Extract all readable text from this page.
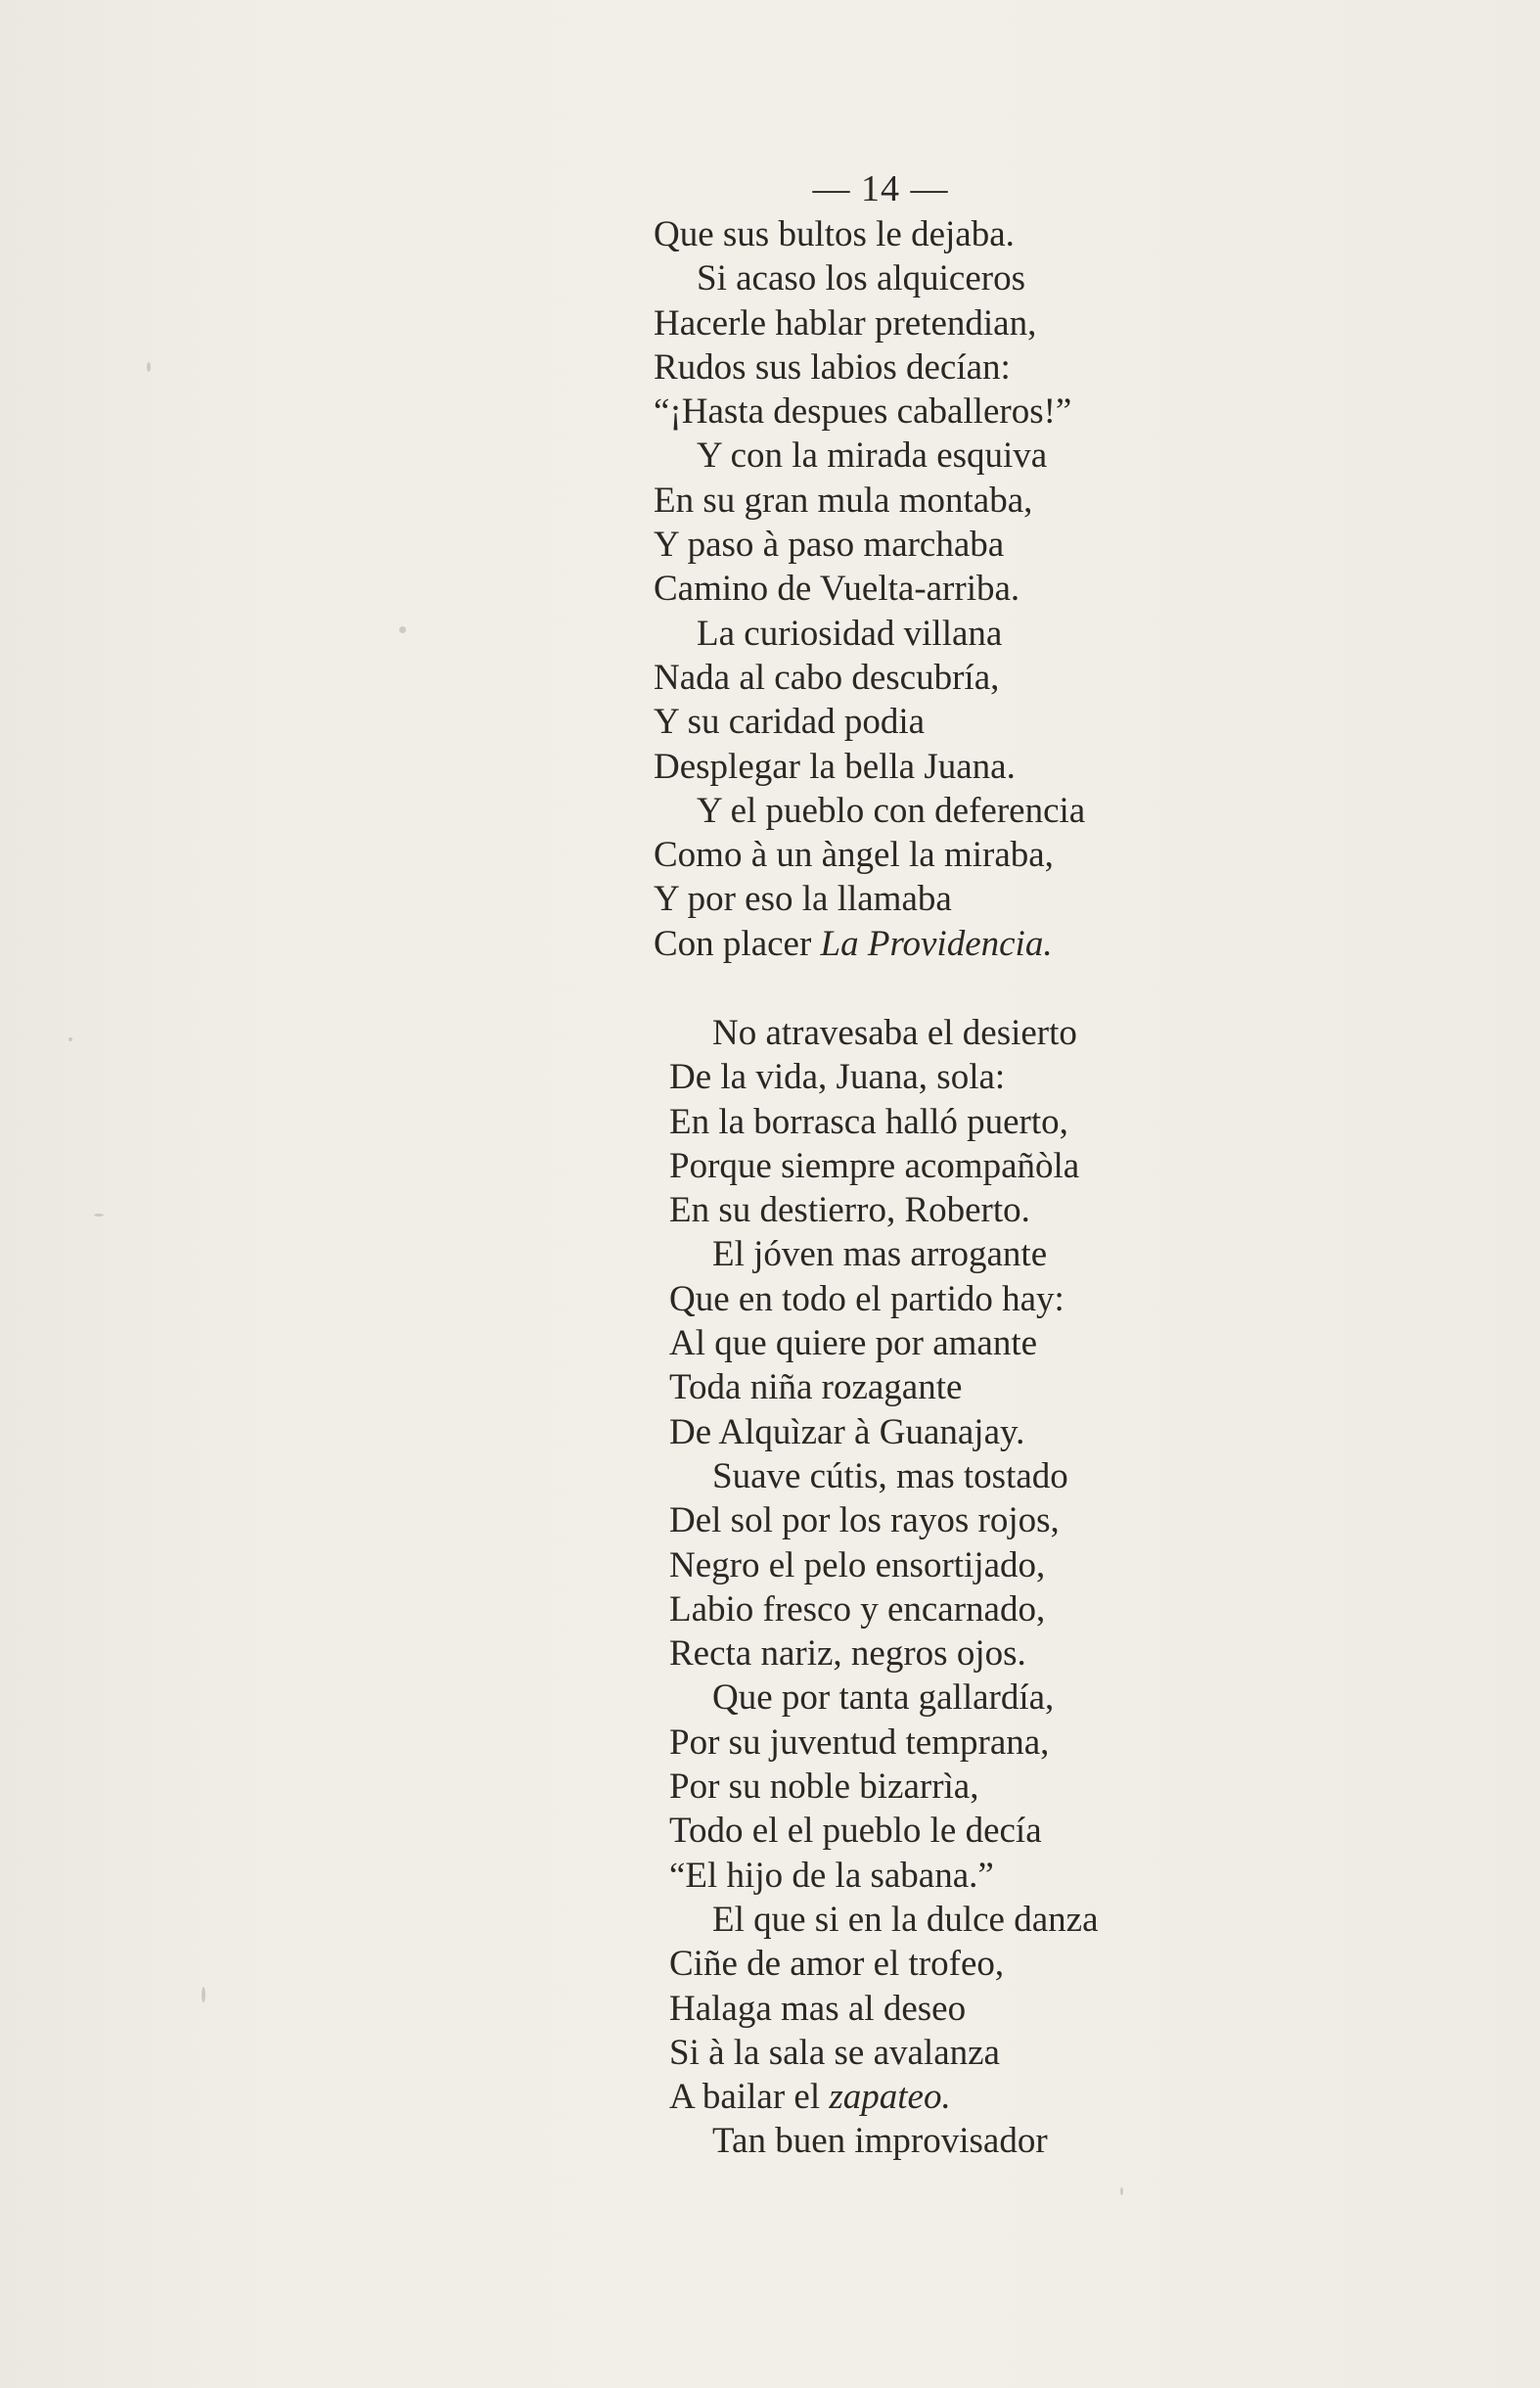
— 14 —
Que sus bultos le dejaba.
Si acaso los alquiceros
Hacerle hablar pretendian,
Rudos sus labios decían:
“¡Hasta despues caballeros!”
Y con la mirada esquiva
En su gran mula montaba,
Y paso à paso marchaba
Camino de Vuelta-arriba.
La curiosidad villana
Nada al cabo descubría,
Y su caridad podia
Desplegar la bella Juana.
Y el pueblo con deferencia
Como à un àngel la miraba,
Y por eso la llamaba
Con placer La Providencia.
No atravesaba el desierto
De la vida, Juana, sola:
En la borrasca halló puerto,
Porque siempre acompañòla
En su destierro, Roberto.
El jóven mas arrogante
Que en todo el partido hay:
Al que quiere por amante
Toda niña rozagante
De Alquìzar à Guanajay.
Suave cútis, mas tostado
Del sol por los rayos rojos,
Negro el pelo ensortijado,
Labio fresco y encarnado,
Recta nariz, negros ojos.
Que por tanta gallardía,
Por su juventud temprana,
Por su noble bizarrìa,
Todo el el pueblo le decía
“El hijo de la sabana.”
El que si en la dulce danza
Ciñe de amor el trofeo,
Halaga mas al deseo
Si à la sala se avalanza
A bailar el zapateo.
Tan buen improvisador
